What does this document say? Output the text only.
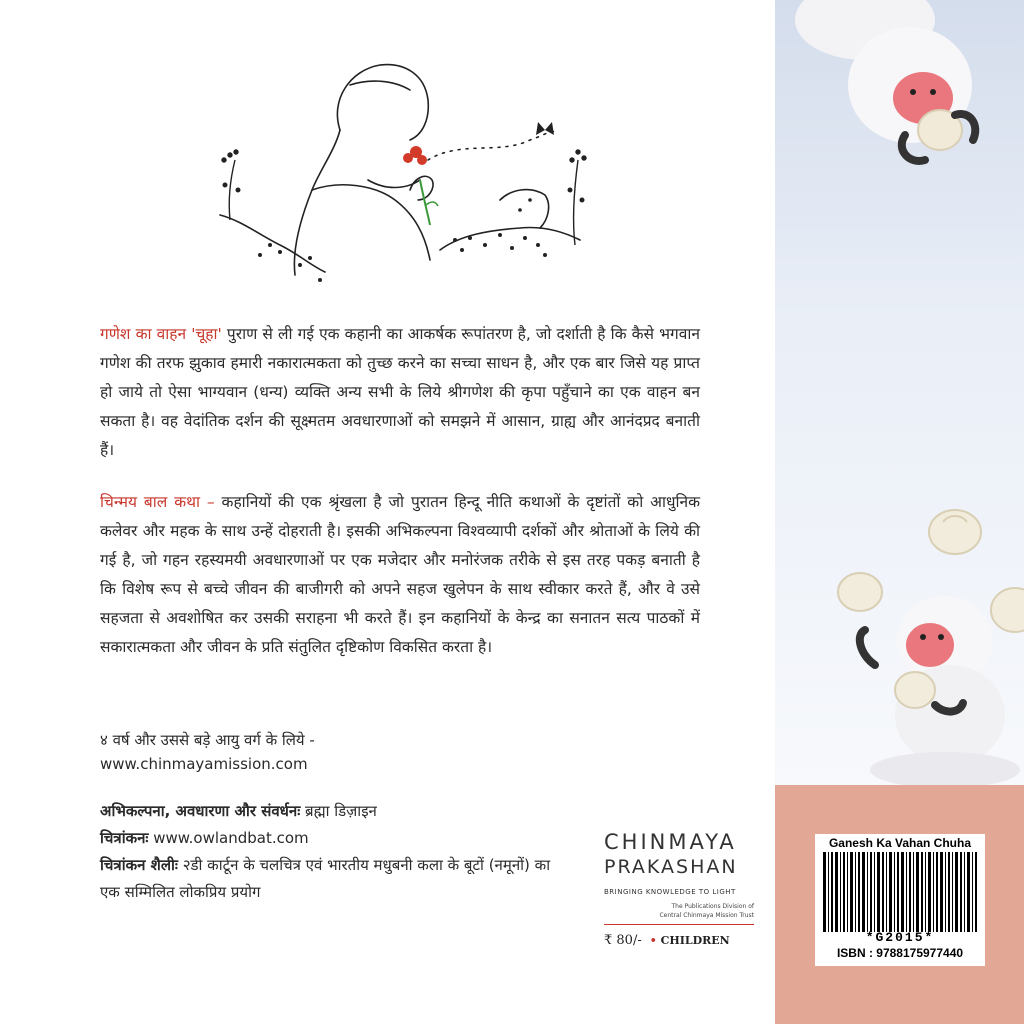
गणेश का वाहन 'चूहा' पुराण से ली गई एक कहानी का आकर्षक रूपांतरण है, जो दर्शाती है कि कैसे भगवान गणेश की तरफ झुकाव हमारी नकारात्मकता को तुच्छ करने का सच्चा साधन है, और एक बार जिसे यह प्राप्त हो जाये तो ऐसा भाग्यवान (धन्य) व्यक्ति अन्य सभी के लिये श्रीगणेश की कृपा पहुँचाने का एक वाहन बन सकता है। वह वेदांतिक दर्शन की सूक्ष्मतम अवधारणाओं को समझने में आसान, ग्राह्य और आनंदप्रद बनाती हैं।
चिन्मय बाल कथा – कहानियों की एक श्रृंखला है जो पुरातन हिन्दू नीति कथाओं के दृष्टांतों को आधुनिक कलेवर और महक के साथ उन्हें दोहराती है। इसकी अभिकल्पना विश्वव्यापी दर्शकों और श्रोताओं के लिये की गई है, जो गहन रहस्यमयी अवधारणाओं पर एक मजेदार और मनोरंजक तरीके से इस तरह पकड़ बनाती है कि विशेष रूप से बच्चे जीवन की बाजीगरी को अपने सहज खुलेपन के साथ स्वीकार करते हैं, और वे उसे सहजता से अवशोषित कर उसकी सराहना भी करते हैं। इन कहानियों के केन्द्र का सनातन सत्य पाठकों में सकारात्मकता और जीवन के प्रति संतुलित दृष्टिकोण विकसित करता है।
४ वर्ष और उससे बड़े आयु वर्ग के लिये -
www.chinmayamission.com
अभिकल्पना, अवधारणा और संवर्धनः ब्रह्मा डिज़ाइन
चित्रांकनः www.owlandbat.com
चित्रांकन शैलीः २डी कार्टून के चलचित्र एवं भारतीय मधुबनी कला के बूटों (नमूनों) का एक सम्मिलित लोकप्रिय प्रयोग
CHINMAYA
PRAKASHAN
BRINGING KNOWLEDGE TO LIGHT
The Publications Division of
Central Chinmaya Mission Trust
₹ 80/- • CHILDREN
Ganesh Ka Vahan Chuha
*G2015*
ISBN : 9788175977440
